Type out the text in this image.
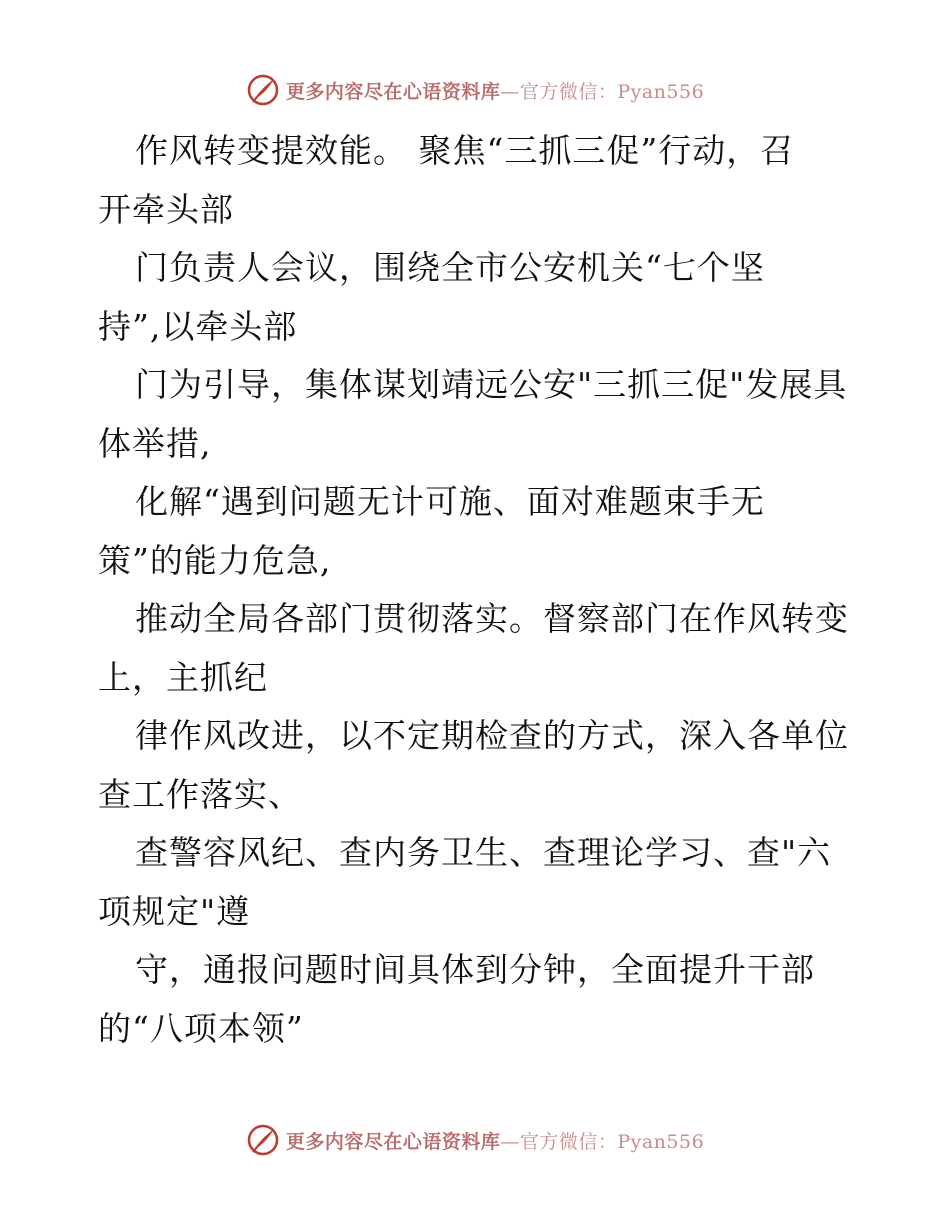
更多内容尽在心语资料库—官方微信：Pyan556
作风转变提效能。 聚焦“三抓三促”行动，召
开牵头部
门负责人会议，围绕全市公安机关“七个坚
持”,以牵头部
门为引导，集体谋划靖远公安"三抓三促"发展具
体举措,
化解“遇到问题无计可施、面对难题束手无
策”的能力危急,
推动全局各部门贯彻落实。督察部门在作风转变
上，主抓纪
律作风改进，以不定期检查的方式，深入各单位
查工作落实、
查警容风纪、查内务卫生、查理论学习、查"六
项规定"遵
守，通报问题时间具体到分钟，全面提升干部
的“八项本领”
更多内容尽在心语资料库—官方微信：Pyan556
